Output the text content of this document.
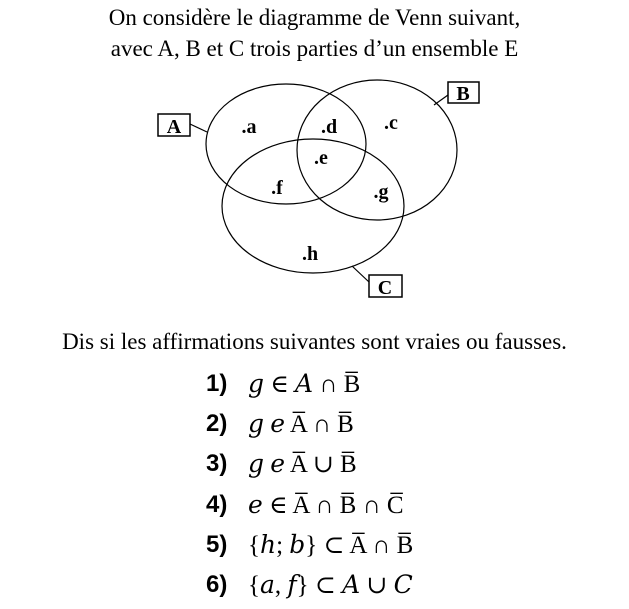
On considère le diagramme de Venn suivant,
avec A, B et C trois parties d’un ensemble E
A
B
C
.a	.d .c
.e
.f	.g
.h
Dis si les affirmations suivantes sont vraies ou fausses.
1) 𝑔 ∈ 𝐴 ∩ B̅
2) 𝑔 𝑒 A̅ ∩ B̅
3) 𝑔 𝑒 A̅ ∪ B̅
4) 𝑒 ∈ A̅ ∩ B̅ ∩ C̅
5) {ℎ; 𝑏} ⊂ A̅ ∩ B̅
6) {𝑎, 𝑓} ⊂ 𝐴 ∪ 𝐶
